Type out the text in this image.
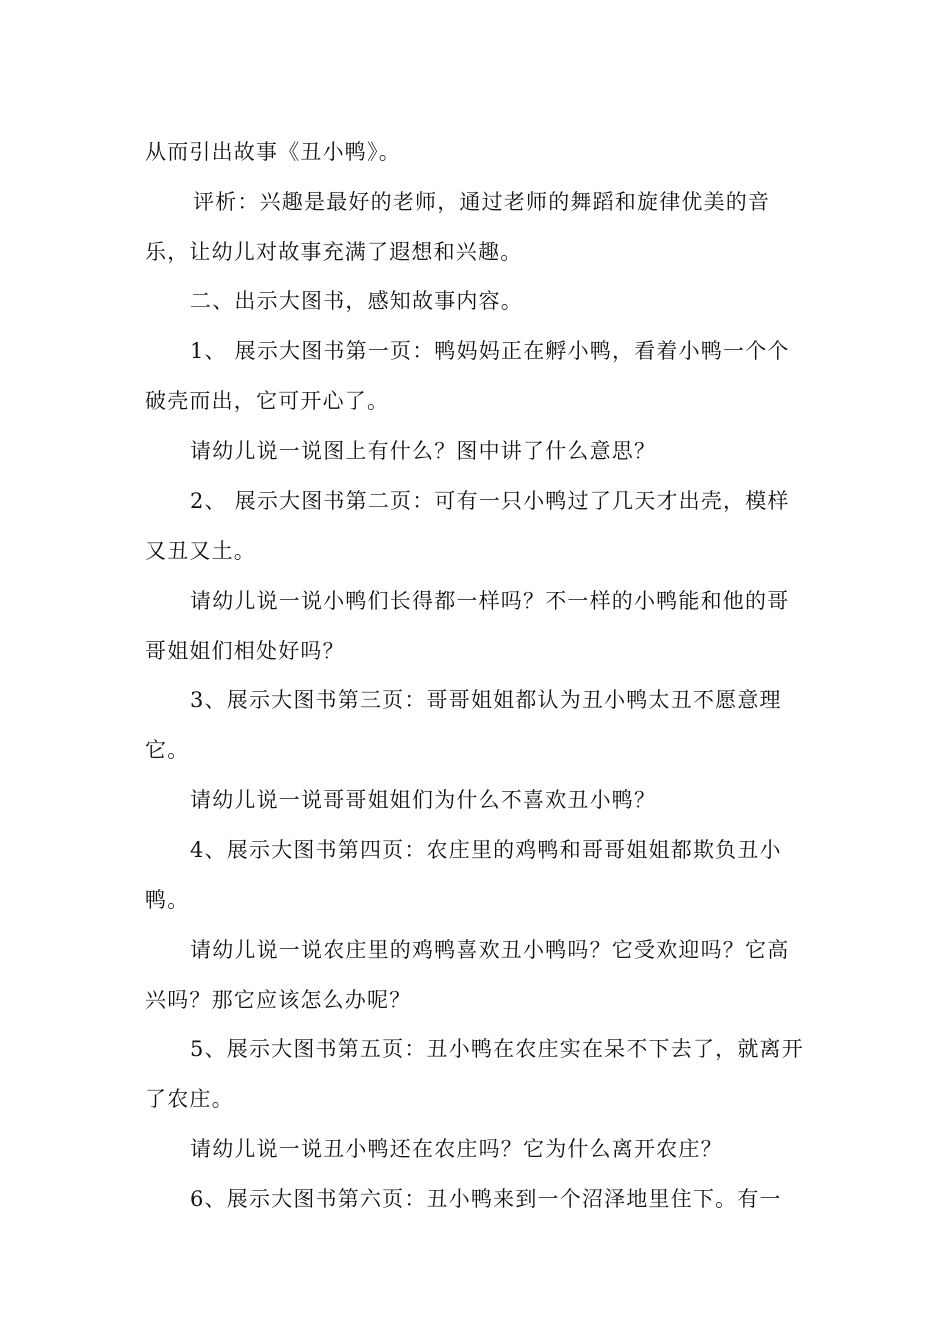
从而引出故事《丑小鸭》。
评析：兴趣是最好的老师，通过老师的舞蹈和旋律优美的音
乐，让幼儿对故事充满了遐想和兴趣。
二、出示大图书，感知故事内容。
1、 展示大图书第一页：鸭妈妈正在孵小鸭，看着小鸭一个个
破壳而出，它可开心了。
请幼儿说一说图上有什么？图中讲了什么意思？
2、 展示大图书第二页：可有一只小鸭过了几天才出壳，模样
又丑又土。
请幼儿说一说小鸭们长得都一样吗？不一样的小鸭能和他的哥
哥姐姐们相处好吗？
3、展示大图书第三页：哥哥姐姐都认为丑小鸭太丑不愿意理
它。
请幼儿说一说哥哥姐姐们为什么不喜欢丑小鸭？
4、展示大图书第四页：农庄里的鸡鸭和哥哥姐姐都欺负丑小
鸭。
请幼儿说一说农庄里的鸡鸭喜欢丑小鸭吗？它受欢迎吗？它高
兴吗？那它应该怎么办呢？
5、展示大图书第五页：丑小鸭在农庄实在呆不下去了，就离开
了农庄。
请幼儿说一说丑小鸭还在农庄吗？它为什么离开农庄？
6、展示大图书第六页：丑小鸭来到一个沼泽地里住下。有一
